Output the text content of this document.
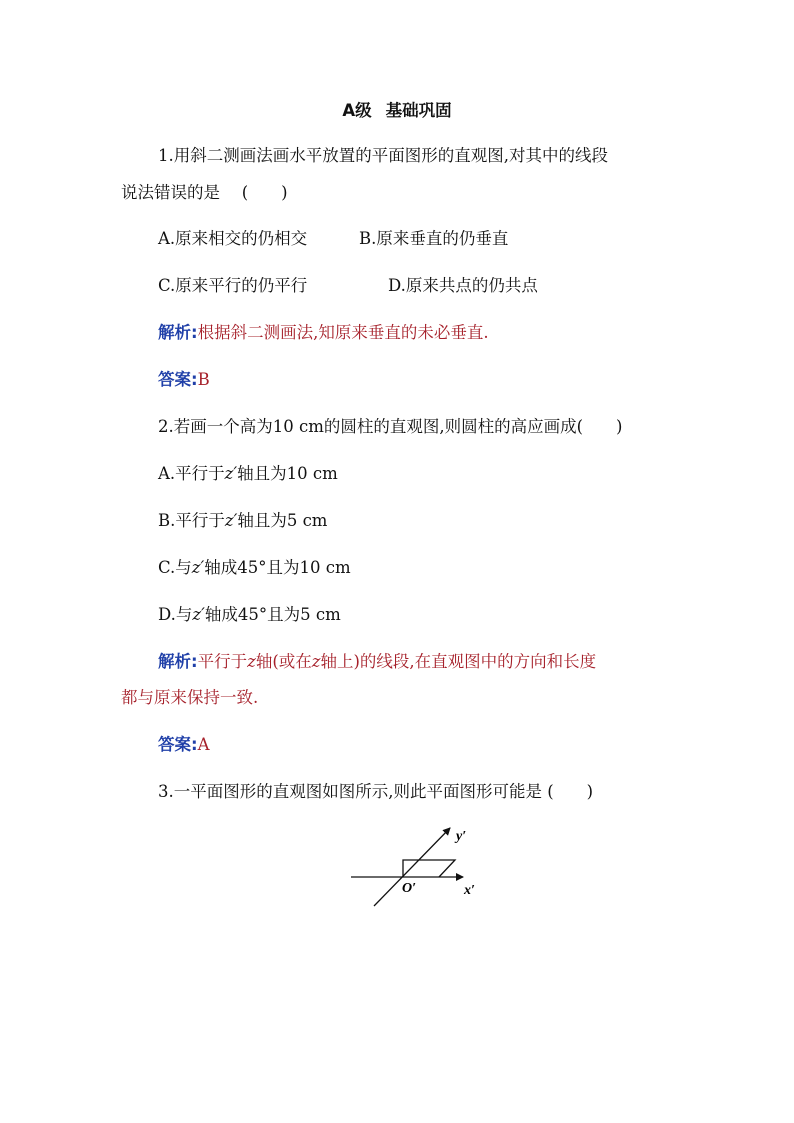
A级 基础巩固
1.用斜二测画法画水平放置的平面图形的直观图,对其中的线段
说法错误的是　 (　　)
A.原来相交的仍相交	B.原来垂直的仍垂直
C.原来平行的仍平行	D.原来共点的仍共点
解析:根据斜二测画法,知原来垂直的未必垂直.
答案:B
2.若画一个高为10 cm的圆柱的直观图,则圆柱的高应画成(　　)
A.平行于z′轴且为10 cm
B.平行于z′轴且为5 cm
C.与z′轴成45°且为10 cm
D.与z′轴成45°且为5 cm
解析:平行于z轴(或在z轴上)的线段,在直观图中的方向和长度
都与原来保持一致.
答案:A
3.一平面图形的直观图如图所示,则此平面图形可能是 (　　)
y′
x′
O′
